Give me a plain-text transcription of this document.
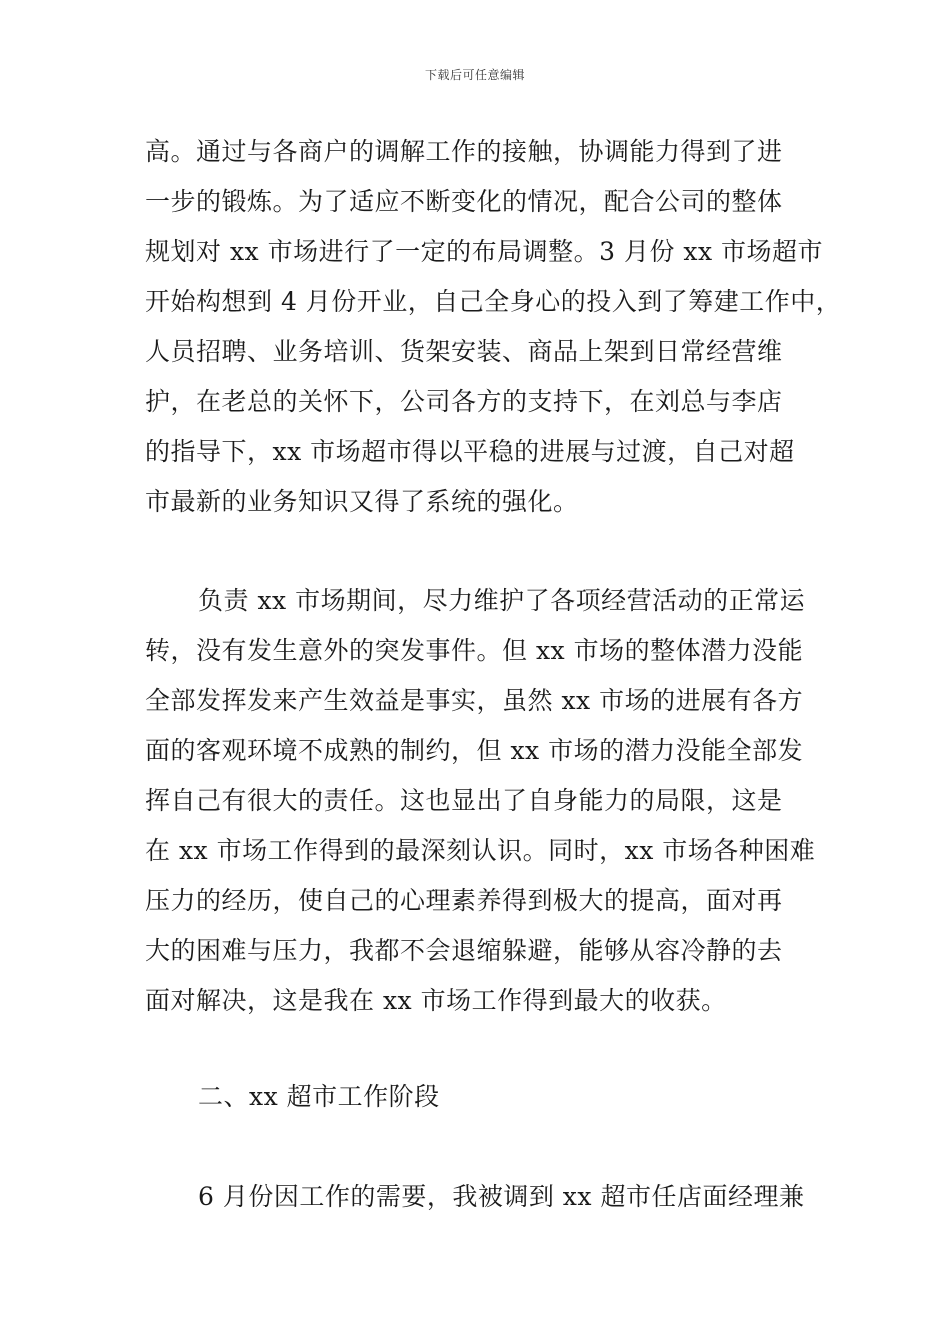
下载后可任意编辑
高。通过与各商户的调解工作的接触，协调能力得到了进
一步的锻炼。为了适应不断变化的情况，配合公司的整体
规划对 xx 市场进行了一定的布局调整。3 月份 xx 市场超市
开始构想到 4 月份开业，自己全身心的投入到了筹建工作中，
人员招聘、业务培训、货架安装、商品上架到日常经营维
护，在老总的关怀下，公司各方的支持下，在刘总与李店
的指导下，xx 市场超市得以平稳的进展与过渡，自己对超
市最新的业务知识又得了系统的强化。
负责 xx 市场期间，尽力维护了各项经营活动的正常运
转，没有发生意外的突发事件。但 xx 市场的整体潜力没能
全部发挥发来产生效益是事实，虽然 xx 市场的进展有各方
面的客观环境不成熟的制约，但 xx 市场的潜力没能全部发
挥自己有很大的责任。这也显出了自身能力的局限，这是
在 xx 市场工作得到的最深刻认识。同时，xx 市场各种困难
压力的经历，使自己的心理素养得到极大的提高，面对再
大的困难与压力，我都不会退缩躲避，能够从容冷静的去
面对解决，这是我在 xx 市场工作得到最大的收获。
二、xx 超市工作阶段
6 月份因工作的需要，我被调到 xx 超市任店面经理兼
